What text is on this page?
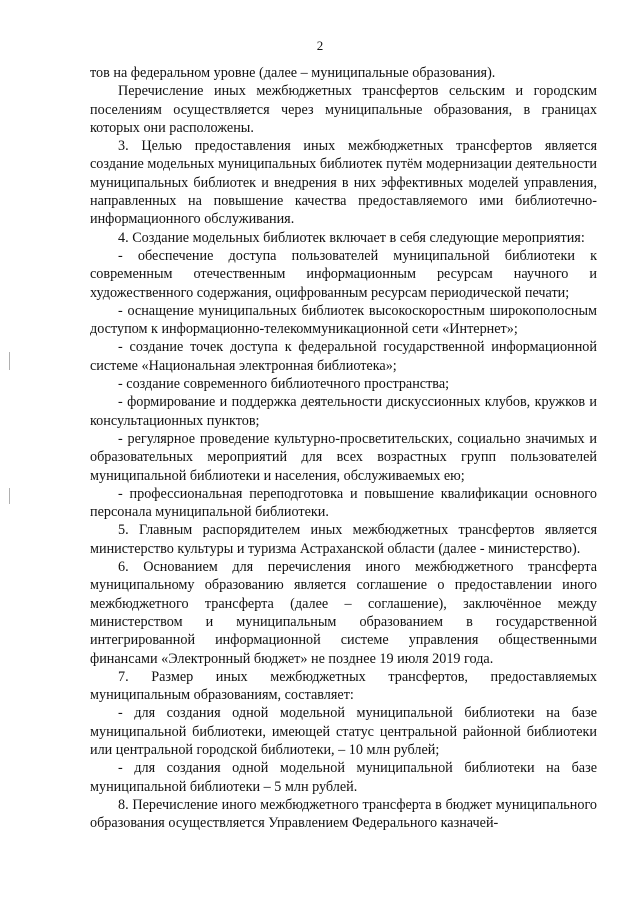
2

тов на федеральном уровне (далее – муниципальные образования).

Перечисление иных межбюджетных трансфертов сельским и городским поселениям осуществляется через муниципальные образования, в границах которых они расположены.

3. Целью предоставления иных межбюджетных трансфертов является создание модельных муниципальных библиотек путём модернизации деятельности муниципальных библиотек и внедрения в них эффективных моделей управления, направленных на повышение качества предоставляемого ими библиотечно-информационного обслуживания.

4. Создание модельных библиотек включает в себя следующие мероприятия:

- обеспечение доступа пользователей муниципальной библиотеки к современным отечественным информационным ресурсам научного и художественного содержания, оцифрованным ресурсам периодической печати;

- оснащение муниципальных библиотек высокоскоростным широкополосным доступом к информационно-телекоммуникационной сети «Интернет»;

- создание точек доступа к федеральной государственной информационной системе «Национальная электронная библиотека»;

- создание современного библиотечного пространства;

- формирование и поддержка деятельности дискуссионных клубов, кружков и консультационных пунктов;

- регулярное проведение культурно-просветительских, социально значимых и образовательных мероприятий для всех возрастных групп пользователей муниципальной библиотеки и населения, обслуживаемых ею;

- профессиональная переподготовка и повышение квалификации основного персонала муниципальной библиотеки.

5. Главным распорядителем иных межбюджетных трансфертов является министерство культуры и туризма Астраханской области (далее - министерство).

6. Основанием для перечисления иного межбюджетного трансферта муниципальному образованию является соглашение о предоставлении иного межбюджетного трансферта (далее – соглашение), заключённое между министерством и муниципальным образованием в государственной интегрированной информационной системе управления общественными финансами «Электронный бюджет» не позднее 19 июля 2019 года.

7. Размер иных межбюджетных трансфертов, предоставляемых муниципальным образованиям, составляет:

- для создания одной модельной муниципальной библиотеки на базе муниципальной библиотеки, имеющей статус центральной районной библиотеки или центральной городской библиотеки, – 10 млн рублей;

- для создания одной модельной муниципальной библиотеки на базе муниципальной библиотеки – 5 млн рублей.

8. Перечисление иного межбюджетного трансферта в бюджет муниципального образования осуществляется Управлением Федерального казначей-
